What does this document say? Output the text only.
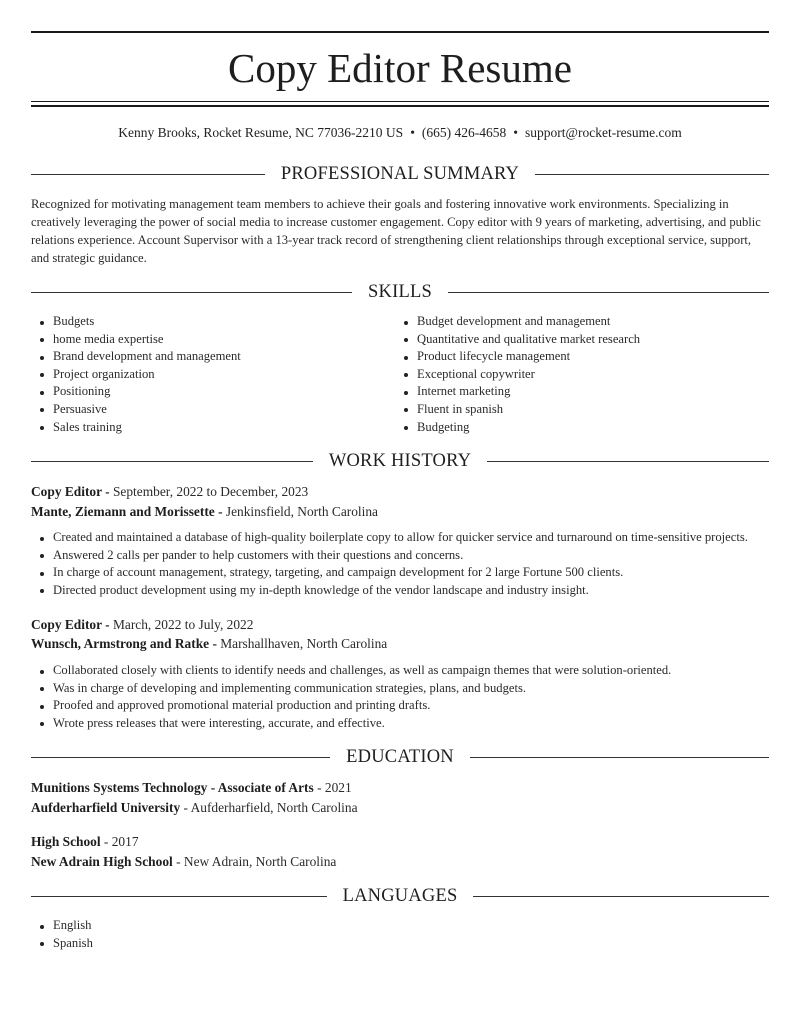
Copy Editor Resume
Kenny Brooks, Rocket Resume, NC 77036-2210 US • (665) 426-4658 • support@rocket-resume.com
PROFESSIONAL SUMMARY

Recognized for motivating management team members to achieve their goals and fostering innovative work environments. Specializing in creatively leveraging the power of social media to increase customer engagement. Copy editor with 9 years of marketing, advertising, and public relations experience. Account Supervisor with a 13-year track record of strengthening client relationships through exceptional service, support, and strategic guidance.

SKILLS
Budgets
home media expertise
Brand development and management
Project organization
Positioning
Persuasive
Sales training
Budget development and management
Quantitative and qualitative market research
Product lifecycle management
Exceptional copywriter
Internet marketing
Fluent in spanish
Budgeting
WORK HISTORY
Copy Editor - September, 2022 to December, 2023
Mante, Ziemann and Morissette - Jenkinsfield, North Carolina
Created and maintained a database of high-quality boilerplate copy to allow for quicker service and turnaround on time-sensitive projects.
Answered 2 calls per pander to help customers with their questions and concerns.
In charge of account management, strategy, targeting, and campaign development for 2 large Fortune 500 clients.
Directed product development using my in-depth knowledge of the vendor landscape and industry insight.
Copy Editor - March, 2022 to July, 2022
Wunsch, Armstrong and Ratke - Marshallhaven, North Carolina
Collaborated closely with clients to identify needs and challenges, as well as campaign themes that were solution-oriented.
Was in charge of developing and implementing communication strategies, plans, and budgets.
Proofed and approved promotional material production and printing drafts.
Wrote press releases that were interesting, accurate, and effective.
EDUCATION
Munitions Systems Technology - Associate of Arts - 2021
Aufderharfield University - Aufderharfield, North Carolina
High School - 2017
New Adrain High School - New Adrain, North Carolina
LANGUAGES
English
Spanish
